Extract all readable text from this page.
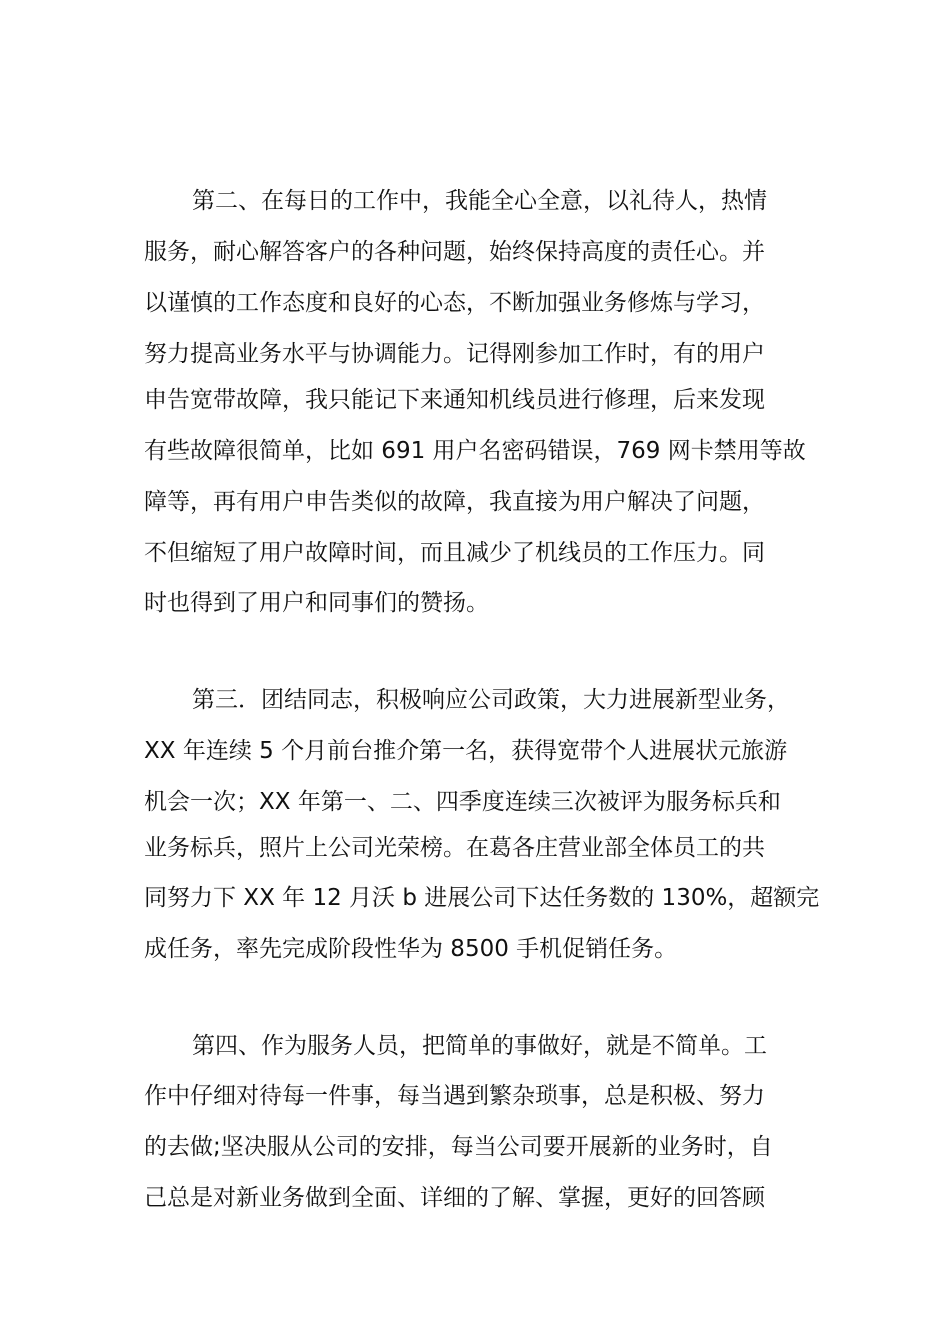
第二、在每日的工作中，我能全心全意，以礼待人，热情
服务，耐心解答客户的各种问题，始终保持高度的责任心。并
以谨慎的工作态度和良好的心态，不断加强业务修炼与学习，
努力提高业务水平与协调能力。记得刚参加工作时，有的用户
申告宽带故障，我只能记下来通知机线员进行修理，后来发现
有些故障很简单，比如 691 用户名密码错误，769 网卡禁用等故
障等，再有用户申告类似的故障，我直接为用户解决了问题，
不但缩短了用户故障时间，而且减少了机线员的工作压力。同
时也得到了用户和同事们的赞扬。
第三．团结同志，积极响应公司政策，大力进展新型业务，
XX 年连续 5 个月前台推介第一名，获得宽带个人进展状元旅游
机会一次；XX 年第一、二、四季度连续三次被评为服务标兵和
业务标兵，照片上公司光荣榜。在葛各庄营业部全体员工的共
同努力下 XX 年 12 月沃 b 进展公司下达任务数的 130%，超额完
成任务，率先完成阶段性华为 8500 手机促销任务。
第四、作为服务人员，把简单的事做好，就是不简单。工
作中仔细对待每一件事，每当遇到繁杂琐事，总是积极、努力
的去做;坚决服从公司的安排，每当公司要开展新的业务时，自
己总是对新业务做到全面、详细的了解、掌握，更好的回答顾
